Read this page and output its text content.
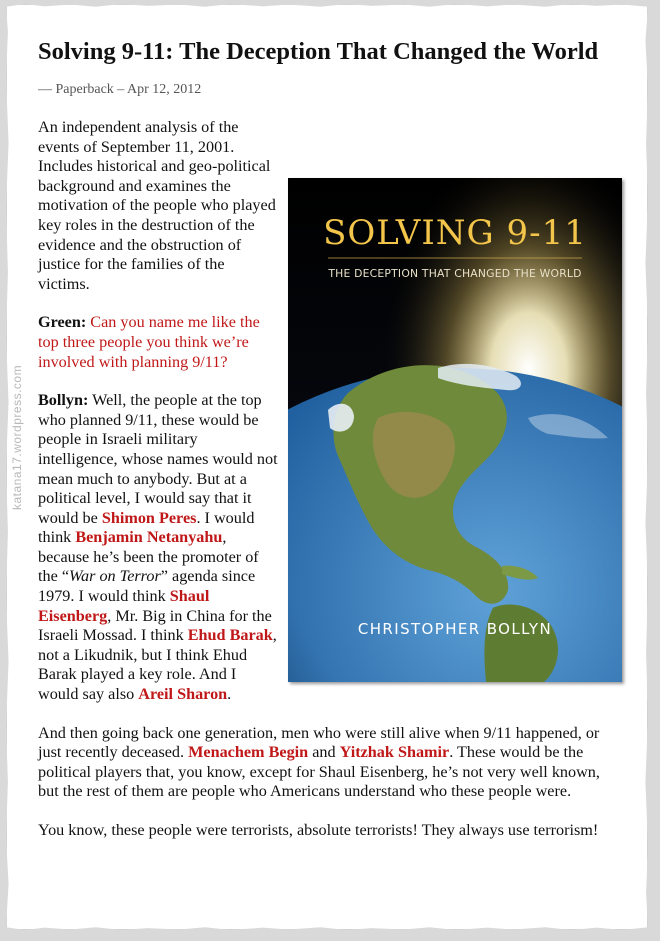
katana17.wordpress.com
Solving 9-11: The Deception That Changed the World
— Paperback – Apr 12, 2012
SOLVING 9-11
THE DECEPTION THAT CHANGED THE WORLD
CHRISTOPHER BOLLYN

An independent analysis of the events of September 11, 2001. Includes historical and geo-political background and examines the motivation of the people who played key roles in the destruction of the evidence and the obstruction of justice for the families of the victims.

Green: Can you name me like the top three people you think we’re involved with planning 9/11?

Bollyn: Well, the people at the top who planned 9/11, these would be people in Israeli military intelligence, whose names would not mean much to anybody. But at a political level, I would say that it would be Shimon Peres. I would think Benjamin Netanyahu, because he’s been the promoter of the “War on Terror” agenda since 1979. I would think Shaul Eisenberg, Mr. Big in China for the Israeli Mossad. I think Ehud Barak, not a Likudnik, but I think Ehud Barak played a key role. And I would say also Areil Sharon.

And then going back one generation, men who were still alive when 9/11 happened, or just recently deceased. Menachem Begin and Yitzhak Shamir. These would be the political players that, you know, except for Shaul Eisenberg, he’s not very well known, but the rest of them are people who Americans understand who these people were.

You know, these people were terrorists, absolute terrorists! They always use terrorism!
